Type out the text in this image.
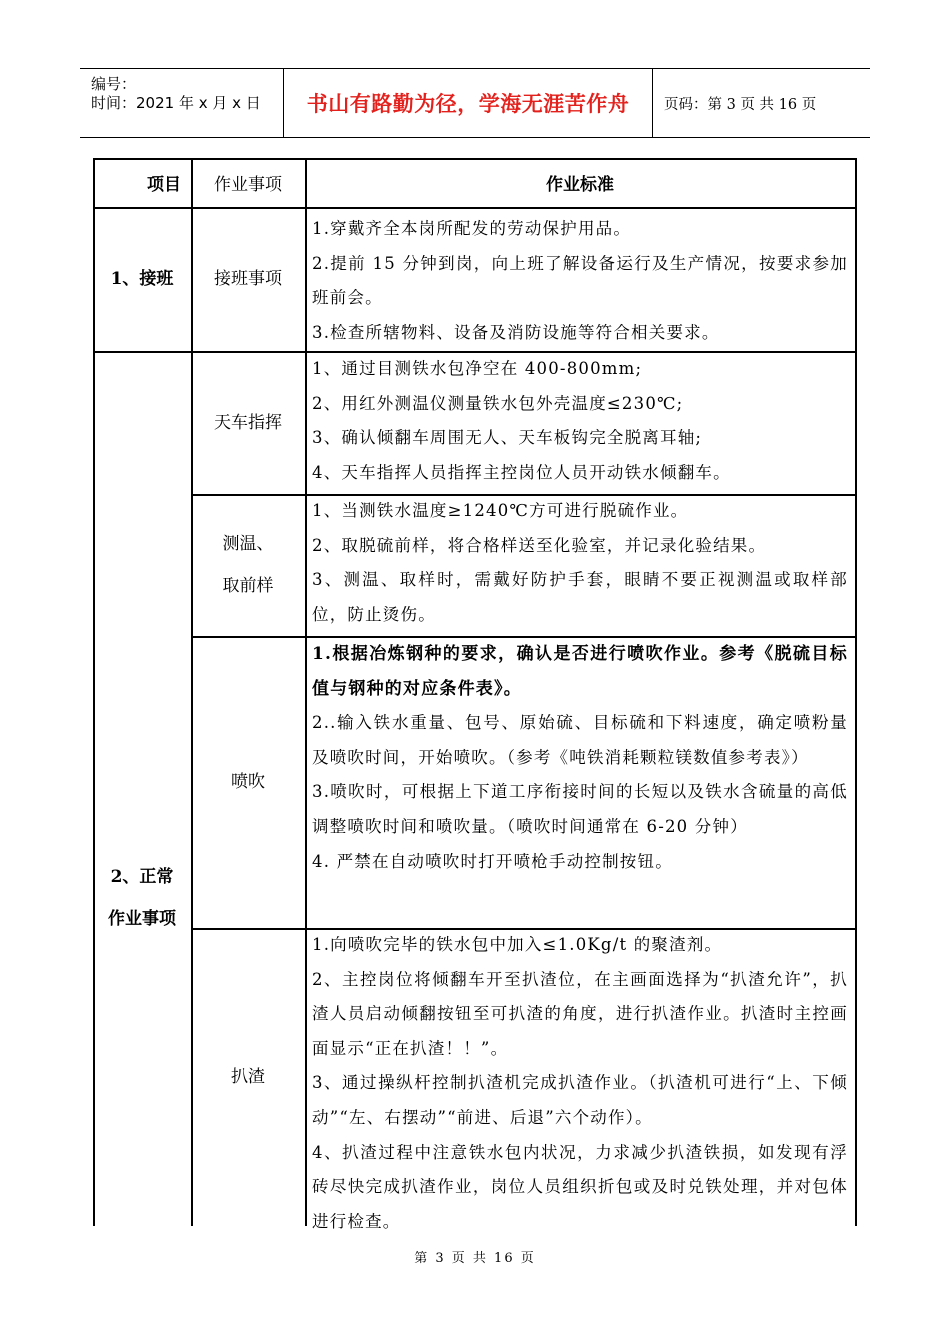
编号：
时间：2021 年 x 月 x 日 书山有路勤为径，学海无涯苦作舟 页码：第 3 页 共 16 页
项目 作业事项	作业标准
1、接班 接班事项

1.穿戴齐全本岗所配发的劳动保护用品。

2.提前 15 分钟到岗，向上班了解设备运行及生产情况，按要求参加班前会。

3.检查所辖物料、设备及消防设施等符合相关要求。

2、正常
作业事项
天车指挥

1、通过目测铁水包净空在 400-800mm;

2、用红外测温仪测量铁水包外壳温度≤230℃;

3、确认倾翻车周围无人、天车板钩完全脱离耳轴;

4、天车指挥人员指挥主控岗位人员开动铁水倾翻车。

测温、
取前样

1、当测铁水温度≥1240℃方可进行脱硫作业。

2、取脱硫前样，将合格样送至化验室，并记录化验结果。

3、测温、取样时，需戴好防护手套，眼睛不要正视测温或取样部位，防止烫伤。

喷吹

1.根据冶炼钢种的要求，确认是否进行喷吹作业。参考《脱硫目标值与钢种的对应条件表》。

2..输入铁水重量、包号、原始硫、目标硫和下料速度，确定喷粉量及喷吹时间，开始喷吹。（参考《吨铁消耗颗粒镁数值参考表》）

3.喷吹时，可根据上下道工序衔接时间的长短以及铁水含硫量的高低调整喷吹时间和喷吹量。（喷吹时间通常在 6-20 分钟）

4. 严禁在自动喷吹时打开喷枪手动控制按钮。

扒渣

1.向喷吹完毕的铁水包中加入≤1.0Kg/t 的聚渣剂。

2、主控岗位将倾翻车开至扒渣位，在主画面选择为“扒渣允许”，扒渣人员启动倾翻按钮至可扒渣的角度，进行扒渣作业。扒渣时主控画面显示“正在扒渣！！”。

3、通过操纵杆控制扒渣机完成扒渣作业。（扒渣机可进行“上、下倾动”“左、右摆动”“前进、后退”六个动作）。

4、扒渣过程中注意铁水包内状况，力求减少扒渣铁损，如发现有浮砖尽快完成扒渣作业，岗位人员组织折包或及时兑铁处理，并对包体进行检查。

第 3 页 共 16 页
